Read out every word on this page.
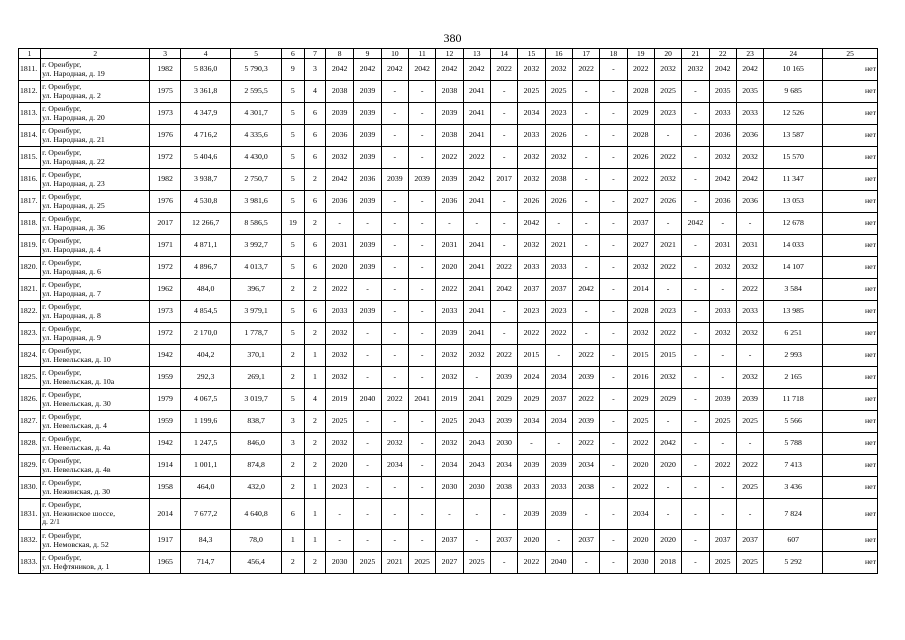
380
1	2	3	4	5	6	7	8	9	10	11	12	13	14	15	16	17	18	19	20	21	22	23	24	25
1811.	г. Оренбург,
ул. Народная, д. 19	1982	5 836,0	5 790,3	9	3	2042	2042	2042	2042	2042	2042	2022	2032	2032	2022	-	2022	2032	2032	2042	2042	10 165	нет
1812.	г. Оренбург,
ул. Народная, д. 2	1975	3 361,8	2 595,5	5	4	2038	2039	-	-	2038	2041	-	2025	2025	-	-	2028	2025	-	2035	2035	9 685	нет
1813.	г. Оренбург,
ул. Народная, д. 20	1973	4 347,9	4 301,7	5	6	2039	2039	-	-	2039	2041	-	2034	2023	-	-	2029	2023	-	2033	2033	12 526	нет
1814.	г. Оренбург,
ул. Народная, д. 21	1976	4 716,2	4 335,6	5	6	2036	2039	-	-	2038	2041	-	2033	2026	-	-	2028	-	-	2036	2036	13 587	нет
1815.	г. Оренбург,
ул. Народная, д. 22	1972	5 404,6	4 430,0	5	6	2032	2039	-	-	2022	2022	-	2032	2032	-	-	2026	2022	-	2032	2032	15 570	нет
1816.	г. Оренбург,
ул. Народная, д. 23	1982	3 938,7	2 750,7	5	2	2042	2036	2039	2039	2039	2042	2017	2032	2038	-	-	2022	2032	-	2042	2042	11 347	нет
1817.	г. Оренбург,
ул. Народная, д. 25	1976	4 530,8	3 981,6	5	6	2036	2039	-	-	2036	2041	-	2026	2026	-	-	2027	2026	-	2036	2036	13 053	нет
1818.	г. Оренбург,
ул. Народная, д. 36	2017	12 266,7	8 586,5	19	2	-	-	-	-	-	-	-	2042	-	-	-	2037	-	2042	-	-	12 678	нет
1819.	г. Оренбург,
ул. Народная, д. 4	1971	4 871,1	3 992,7	5	6	2031	2039	-	-	2031	2041	-	2032	2021	-	-	2027	2021	-	2031	2031	14 033	нет
1820.	г. Оренбург,
ул. Народная, д. 6	1972	4 896,7	4 013,7	5	6	2020	2039	-	-	2020	2041	2022	2033	2033	-	-	2032	2022	-	2032	2032	14 107	нет
1821.	г. Оренбург,
ул. Народная, д. 7	1962	484,0	396,7	2	2	2022	-	-	-	2022	2041	2042	2037	2037	2042	-	2014	-	-	-	2022	3 584	нет
1822.	г. Оренбург,
ул. Народная, д. 8	1973	4 854,5	3 979,1	5	6	2033	2039	-	-	2033	2041	-	2023	2023	-	-	2028	2023	-	2033	2033	13 985	нет
1823.	г. Оренбург,
ул. Народная, д. 9	1972	2 170,0	1 778,7	5	2	2032	-	-	-	2039	2041	-	2022	2022	-	-	2032	2022	-	2032	2032	6 251	нет
1824.	г. Оренбург,
ул. Невельская, д. 10	1942	404,2	370,1	2	1	2032	-	-	-	2032	2032	2022	2015	-	2022	-	2015	2015	-	-	-	2 993	нет
1825.	г. Оренбург,
ул. Невельская, д. 10а	1959	292,3	269,1	2	1	2032	-	-	-	2032	-	2039	2024	2034	2039	-	2016	2032	-	-	2032	2 165	нет
1826.	г. Оренбург,
ул. Невельская, д. 30	1979	4 067,5	3 019,7	5	4	2019	2040	2022	2041	2019	2041	2029	2029	2037	2022	-	2029	2029	-	2039	2039	11 718	нет
1827.	г. Оренбург,
ул. Невельская, д. 4	1959	1 199,6	838,7	3	2	2025	-	-	-	2025	2043	2039	2034	2034	2039	-	2025	-	-	2025	2025	5 566	нет
1828.	г. Оренбург,
ул. Невельская, д. 4а	1942	1 247,5	846,0	3	2	2032	-	2032	-	2032	2043	2030	-	-	2022	-	2022	2042	-	-	-	5 788	нет
1829.	г. Оренбург,
ул. Невельская, д. 4в	1914	1 001,1	874,8	2	2	2020	-	2034	-	2034	2043	2034	2039	2039	2034	-	2020	2020	-	2022	2022	7 413	нет
1830.	г. Оренбург,
ул. Нежинская, д. 30	1958	464,0	432,0	2	1	2023	-	-	-	2030	2030	2038	2033	2033	2038	-	2022	-	-	-	2025	3 436	нет
1831.	г. Оренбург,
ул. Нежинское шоссе,
д. 2/1	2014	7 677,2	4 640,8	6	1	-	-	-	-	-	-	-	2039	2039	-	-	2034	-	-	-	-	7 824	нет
1832.	г. Оренбург,
ул. Немовская, д. 52	1917	84,3	78,0	1	1	-	-	-	-	2037	-	2037	2020	-	2037	-	2020	2020	-	2037	2037	607	нет
1833.	г. Оренбург,
ул. Нефтяников, д. 1	1965	714,7	456,4	2	2	2030	2025	2021	2025	2027	2025	-	2022	2040	-	-	2030	2018	-	2025	2025	5 292	нет
